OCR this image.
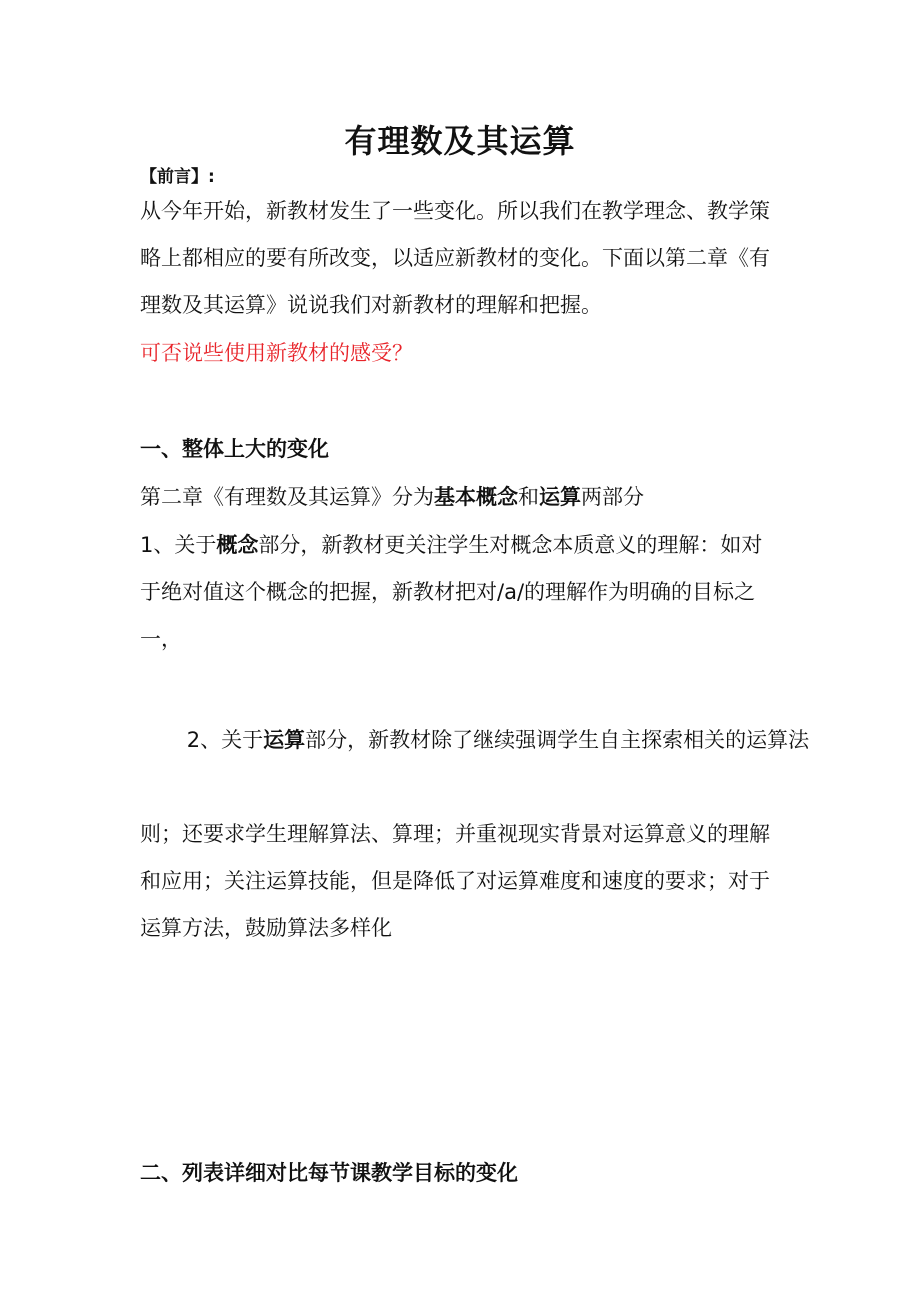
有理数及其运算
【前言】:
从今年开始，新教材发生了一些变化。所以我们在教学理念、教学策
略上都相应的要有所改变，以适应新教材的变化。下面以第二章《有
理数及其运算》说说我们对新教材的理解和把握。
可否说些使用新教材的感受？
一、整体上大的变化
第二章《有理数及其运算》分为基本概念和运算两部分
1、关于概念部分，新教材更关注学生对概念本质意义的理解：如对
于绝对值这个概念的把握，新教材把对/a/的理解作为明确的目标之
一，

2、关于运算部分，新教材除了继续强调学生自主探索相关的运算法

则；还要求学生理解算法、算理；并重视现实背景对运算意义的理解
和应用；关注运算技能，但是降低了对运算难度和速度的要求；对于
运算方法，鼓励算法多样化
二、列表详细对比每节课教学目标的变化
